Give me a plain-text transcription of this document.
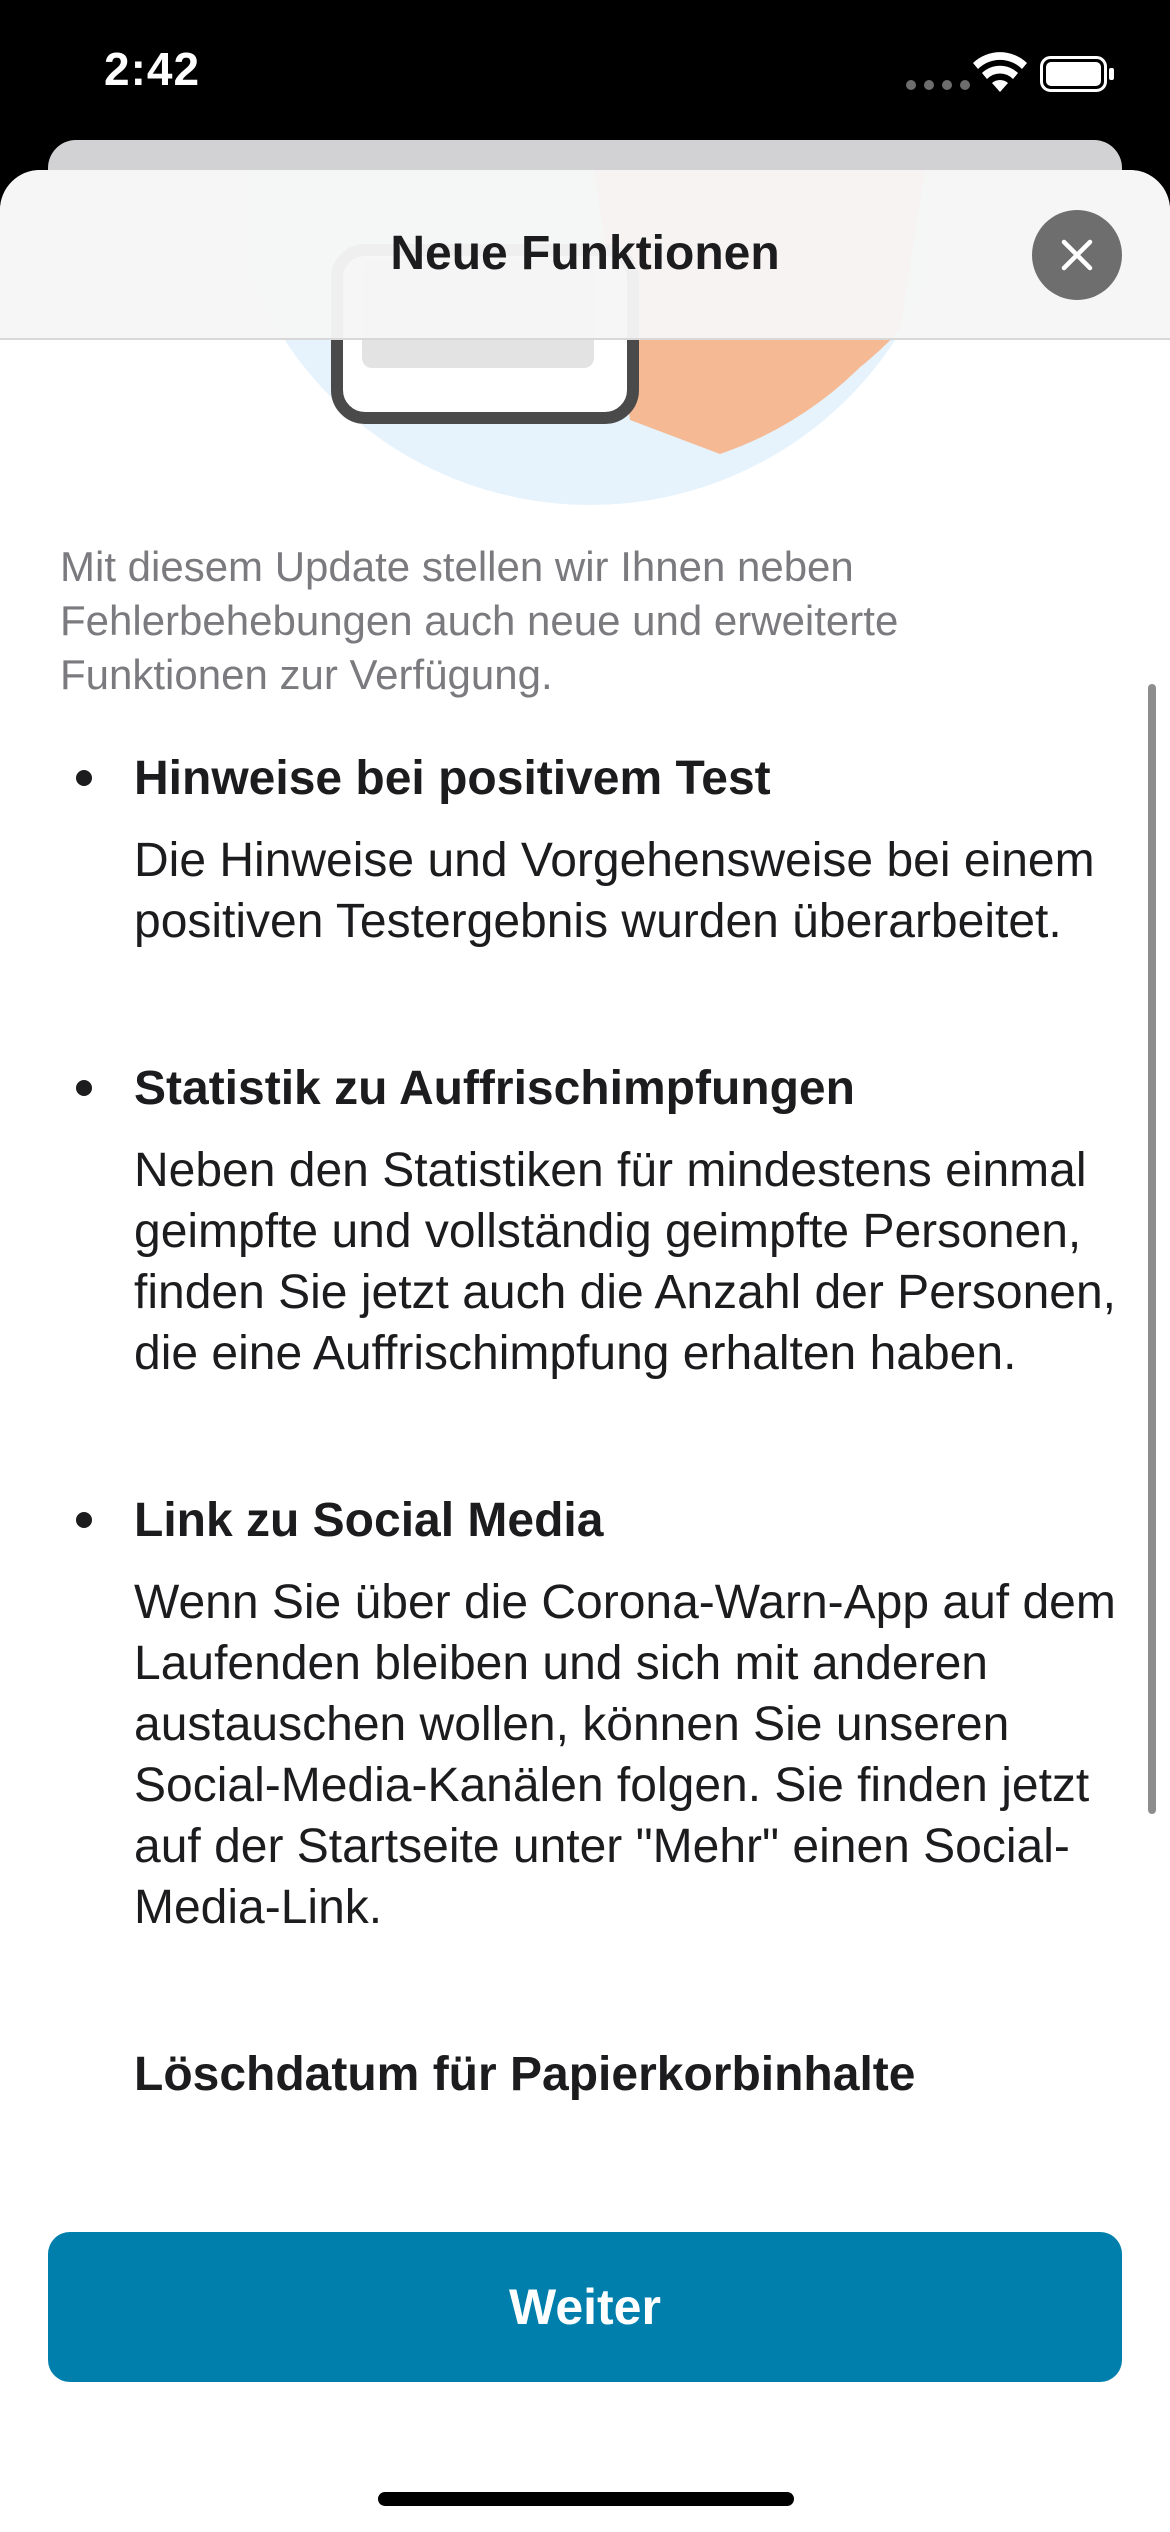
2:42
Neue Funktionen

Mit diesem Update stellen wir Ihnen neben Fehlerbehebungen auch neue und erweiterte Funktionen zur Verfügung.

Hinweise bei positivem Test
Die Hinweise und Vorgehensweise bei einem positiven Testergebnis wurden überarbeitet.
Statistik zu Auffrischimpfungen
Neben den Statistiken für mindestens einmal geimpfte und vollständig geimpfte Personen, finden Sie jetzt auch die Anzahl der Personen, die eine Auffrischimpfung erhalten haben.
Link zu Social Media
Wenn Sie über die Corona-Warn-App auf dem Laufenden bleiben und sich mit anderen austauschen wollen, können Sie unseren Social-Media-Kanälen folgen. Sie finden jetzt auf der Startseite unter "Mehr" einen Social-Media-Link.
Löschdatum für Papierkorbinhalte
Weiter
